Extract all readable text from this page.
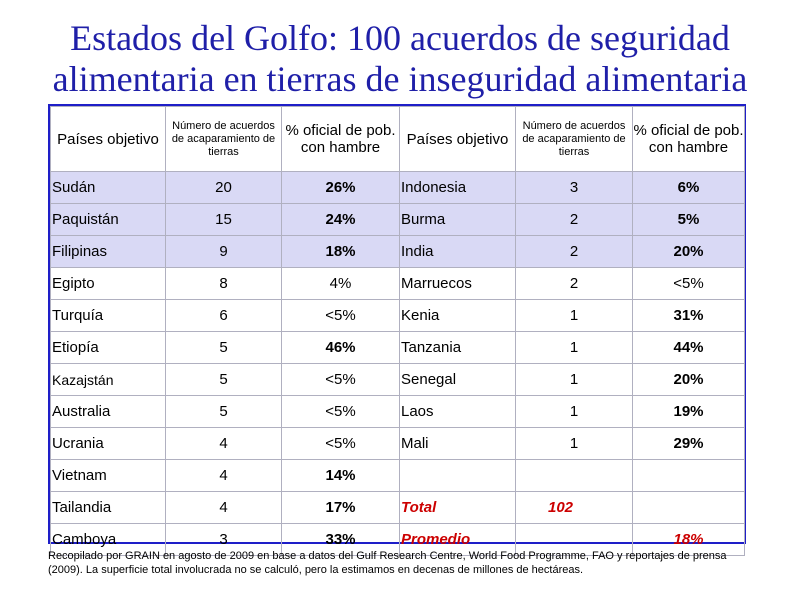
Estados del Golfo: 100 acuerdos de seguridad
alimentaria en tierras de inseguridad alimentaria
Países objetivo	Número de acuerdos de acaparamiento de tierras	% oficial de pob. con hambre	Países objetivo	Número de acuerdos de acaparamiento de tierras	% oficial de pob. con hambre
Sudán	20	26%	Indonesia	3	6%
Paquistán	15	24%	Burma	2	5%
Filipinas	9	18%	India	2	20%
Egipto	8	4%	Marruecos	2	<5%
Turquía	6	<5%	Kenia	1	31%
Etiopía	5	46%	Tanzania	1	44%
Kazajstán	5	<5%	Senegal	1	20%
Australia	5	<5%	Laos	1	19%
Ucrania	4	<5%	Mali	1	29%
Vietnam	4	14%			
Tailandia	4	17%	Total	102	
Camboya	3	33%	Promedio		18%
Recopilado por GRAIN en agosto de 2009 en base a datos del Gulf Research Centre, World Food Programme, FAO y reportajes de prensa (2009). La superficie total involucrada no se calculó, pero la estimamos en decenas de millones de hectáreas.
